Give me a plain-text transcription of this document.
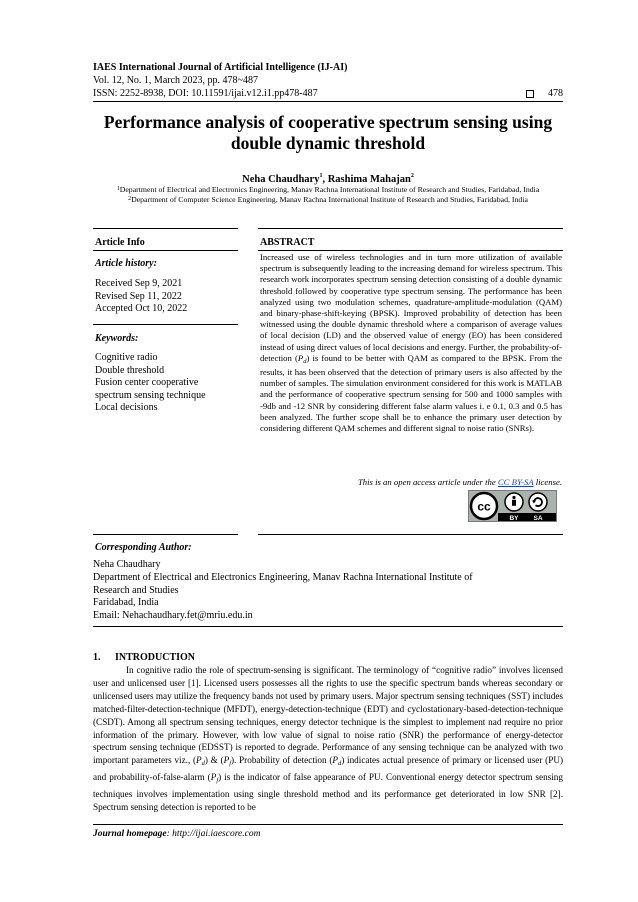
IAES International Journal of Artificial Intelligence (IJ-AI)
Vol. 12, No. 1, March 2023, pp. 478~487
ISSN: 2252-8938, DOI: 10.11591/ijai.v12.i1.pp478-487	478
Performance analysis of cooperative spectrum sensing using double dynamic threshold
Neha Chaudhary$^1$, Rashima Mahajan$^2$
$^1$Department of Electrical and Electronics Engineering, Manav Rachna International Institute of Research and Studies, Faridabad, India
$^2$Department of Computer Science Engineering, Manav Rachna International Institute of Research and Studies, Faridabad, India
Article Info	ABSTRACT
Article history:
Received Sep 9, 2021
Revised Sep 11, 2022
Accepted Oct 10, 2022
Keywords:
Cognitive radio
Double threshold
Fusion center cooperative
spectrum sensing technique
Local decisions
Increased use of wireless technologies and in turn more utilization of available spectrum is subsequently leading to the increasing demand for wireless spectrum. This research work incorporates spectrum sensing detection consisting of a double dynamic threshold followed by cooperative type spectrum sensing. The performance has been analyzed using two modulation schemes, quadrature-amplitude-modulation (QAM) and binary-phase-shift-keying (BPSK). Improved probability of detection has been witnessed using the double dynamic threshold where a comparison of average values of local decision (LD) and the observed value of energy (EO) has been considered instead of using direct values of local decisions and energy. Further, the probability-of-detection $(P_d)$ is found to be better with QAM as compared to the BPSK. From the results, it has been observed that the detection of primary users is also affected by the number of samples. The simulation environment considered for this work is MATLAB and the performance of cooperative spectrum sensing for 500 and 1000 samples with -9db and -12 SNR by considering different false alarm values i. e 0.1, 0.3 and 0.5 has been analyzed. The further scope shall be to enhance the primary user detection by considering different QAM schemes and different signal to noise ratio (SNRs).
This is an open access article under the CC BY-SA license.
cc
BY SA
Corresponding Author:
Neha Chaudhary
Department of Electrical and Electronics Engineering, Manav Rachna International Institute of
Research and Studies
Faridabad, India
Email: Nehachaudhary.fet@mriu.edu.in
1. INTRODUCTION

In cognitive radio the role of spectrum-sensing is significant. The terminology of “cognitive radio” involves licensed user and unlicensed user [1]. Licensed users possesses all the rights to use the specific spectrum bands whereas secondary or unlicensed users may utilize the frequency bands not used by primary users. Major spectrum sensing techniques (SST) includes matched-filter-detection-technique (MFDT), energy-detection-technique (EDT) and cyclostationary-based-detection-technique (CSDT). Among all spectrum sensing techniques, energy detector technique is the simplest to implement nad require no prior information of the primary. However, with low value of signal to noise ratio (SNR) the performance of energy-detector spectrum sensing technique (EDSST) is reported to degrade. Performance of any sensing technique can be analyzed with two important parameters viz., $(P_d)$ & $(P_f)$. Probability of detection $(P_d)$ indicates actual presence of primary or licensed user (PU) and probability-of-false-alarm $(P_f)$ is the indicator of false appearance of PU. Conventional energy detector spectrum sensing techniques involves implementation using single threshold method and its performance get deteriorated in low SNR [2]. Spectrum sensing detection is reported to be

Journal homepage: http://ijai.iaescore.com
